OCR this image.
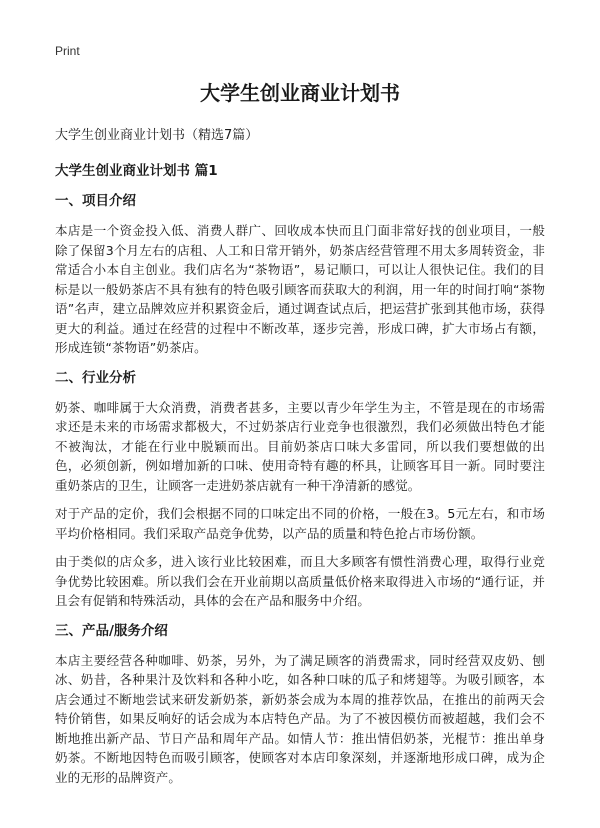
Print
大学生创业商业计划书
大学生创业商业计划书（精选7篇）
大学生创业商业计划书 篇1
一、项目介绍

本店是一个资金投入低、消费人群广、回收成本快而且门面非常好找的创业项目，一般除了保留3个月左右的店租、人工和日常开销外，奶茶店经营管理不用太多周转资金，非常适合小本自主创业。我们店名为“茶物语”，易记顺口，可以让人很快记住。我们的目标是以一般奶茶店不具有独有的特色吸引顾客而获取大的利润，用一年的时间打响“茶物语”名声，建立品牌效应并积累资金后，通过调查试点后，把运营扩张到其他市场，获得更大的利益。通过在经营的过程中不断改革，逐步完善，形成口碑，扩大市场占有额，形成连锁“茶物语”奶茶店。

二、行业分析

奶茶、咖啡属于大众消费，消费者甚多，主要以青少年学生为主，不管是现在的市场需求还是未来的市场需求都极大，不过奶茶店行业竞争也很激烈，我们必须做出特色才能不被淘汰，才能在行业中脱颖而出。目前奶茶店口味大多雷同，所以我们要想做的出色，必须创新，例如增加新的口味、使用奇特有趣的杯具，让顾客耳目一新。同时要注重奶茶店的卫生，让顾客一走进奶茶店就有一种干净清新的感觉。

对于产品的定价，我们会根据不同的口味定出不同的价格，一般在3。5元左右，和市场平均价格相同。我们采取产品竞争优势，以产品的质量和特色抢占市场份额。

由于类似的店众多，进入该行业比较困难，而且大多顾客有惯性消费心理，取得行业竞争优势比较困难。所以我们会在开业前期以高质量低价格来取得进入市场的“通行证，并且会有促销和特殊活动，具体的会在产品和服务中介绍。

三、产品/服务介绍

本店主要经营各种咖啡、奶茶，另外，为了满足顾客的消费需求，同时经营双皮奶、刨冰、奶昔，各种果汁及饮料和各种小吃，如各种口味的瓜子和烤翅等。为吸引顾客，本店会通过不断地尝试来研发新奶茶，新奶茶会成为本周的推荐饮品，在推出的前两天会特价销售，如果反响好的话会成为本店特色产品。为了不被因模仿而被超越，我们会不断地推出新产品、节日产品和周年产品。如情人节：推出情侣奶茶，光棍节：推出单身奶茶。不断地因特色而吸引顾客，使顾客对本店印象深刻，并逐渐地形成口碑，成为企业的无形的品牌资产。
